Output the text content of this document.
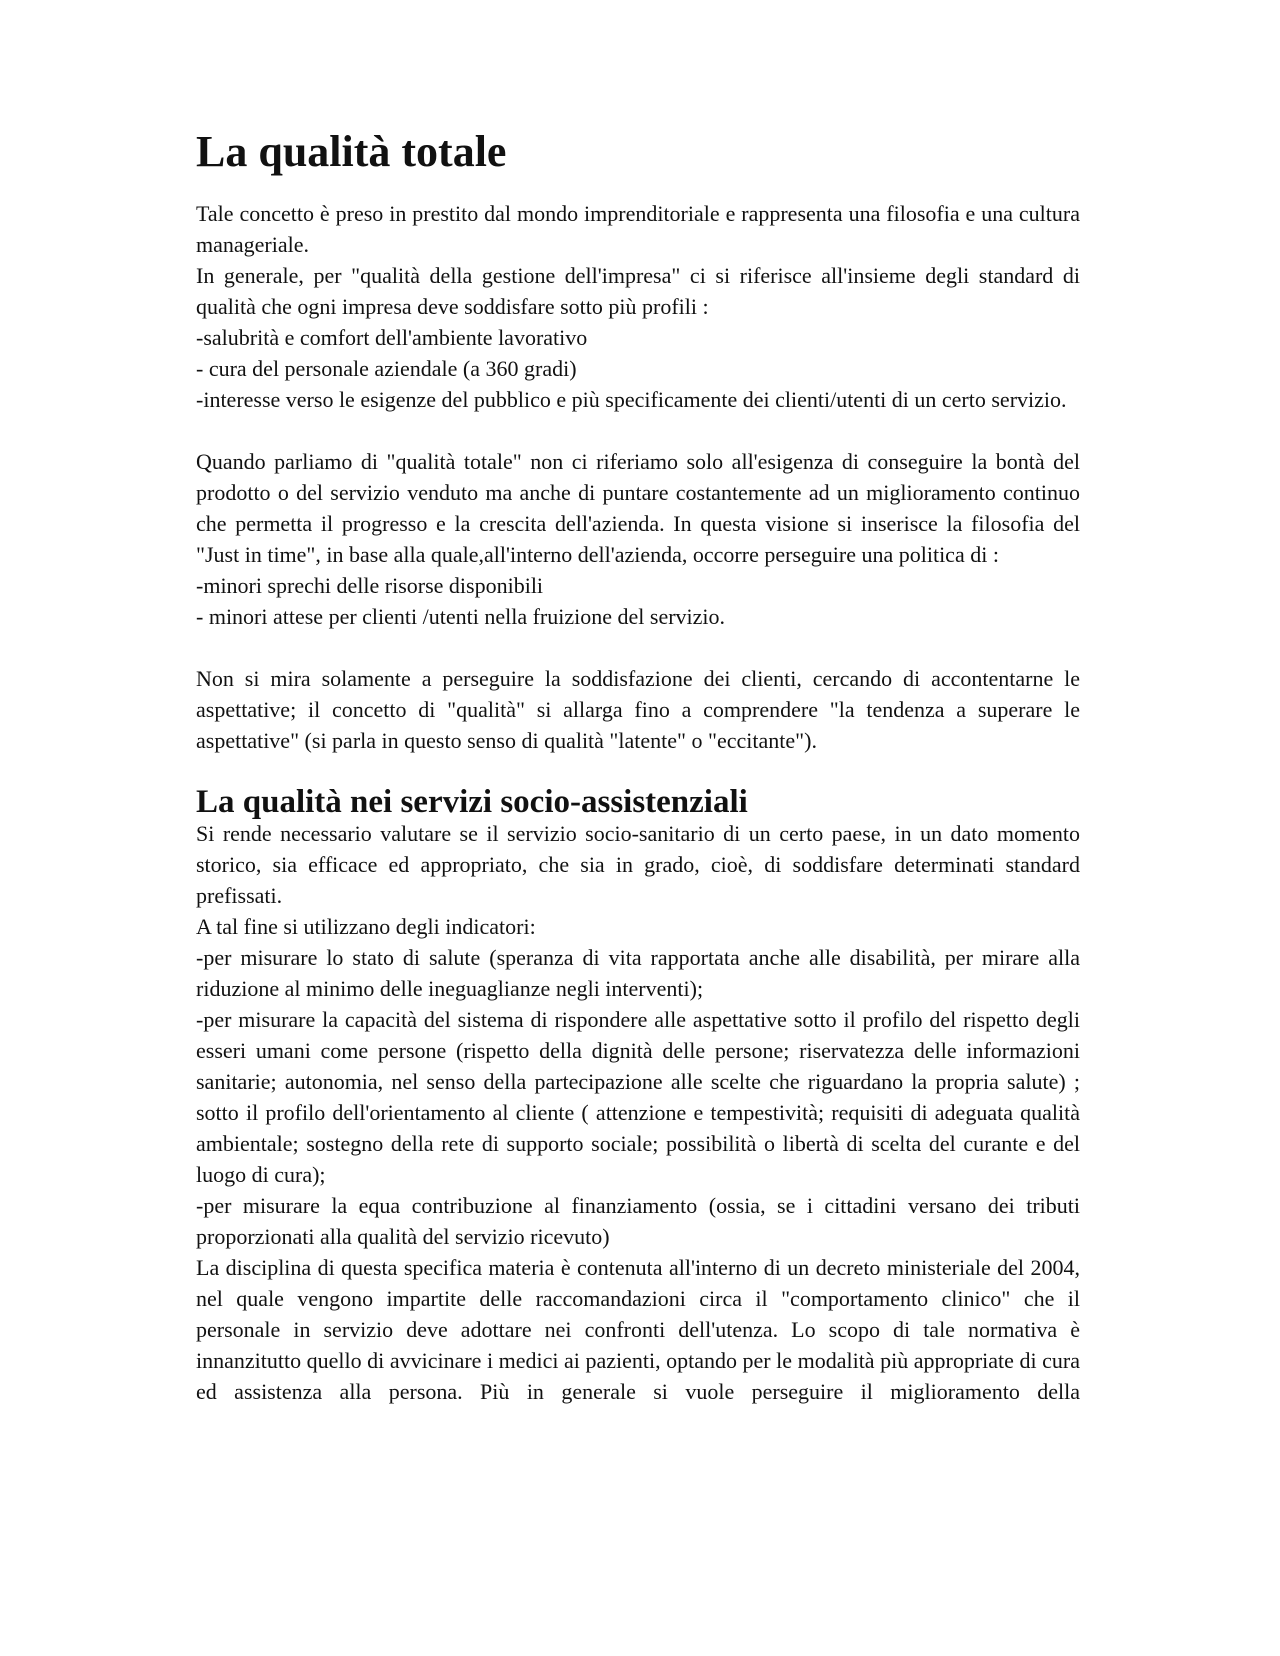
La qualità totale

Tale concetto è preso in prestito dal mondo imprenditoriale e rappresenta una filosofia e una cultura manageriale.

In generale, per "qualità della gestione dell'impresa" ci si riferisce all'insieme degli standard di qualità che ogni impresa deve soddisfare sotto più profili :

-salubrità e comfort dell'ambiente lavorativo

- cura del personale aziendale (a 360 gradi)

-interesse verso le esigenze del pubblico e più specificamente dei clienti/utenti di un certo servizio.

Quando parliamo di "qualità totale" non ci riferiamo solo all'esigenza di conseguire la bontà del prodotto o del servizio venduto ma anche di puntare costantemente ad un miglioramento continuo che permetta il progresso e la crescita dell'azienda. In questa visione si inserisce la filosofia del "Just in time", in base alla quale,all'interno dell'azienda, occorre perseguire una politica di :

-minori sprechi delle risorse disponibili

- minori attese per clienti /utenti nella fruizione del servizio.

Non si mira solamente a perseguire la soddisfazione dei clienti, cercando di accontentarne le aspettative; il concetto di "qualità" si allarga fino a comprendere "la tendenza a superare le aspettative" (si parla in questo senso di qualità "latente" o "eccitante").

La qualità nei servizi socio-assistenziali

Si rende necessario valutare se il servizio socio-sanitario di un certo paese, in un dato momento storico, sia efficace ed appropriato, che sia in grado, cioè, di soddisfare determinati standard prefissati.

A tal fine si utilizzano degli indicatori:

-per misurare lo stato di salute (speranza di vita rapportata anche alle disabilità, per mirare alla riduzione al minimo delle ineguaglianze negli interventi);

-per misurare la capacità del sistema di rispondere alle aspettative sotto il profilo del rispetto degli esseri umani come persone (rispetto della dignità delle persone; riservatezza delle informazioni sanitarie; autonomia, nel senso della partecipazione alle scelte che riguardano la propria salute) ; sotto il profilo dell'orientamento al cliente ( attenzione e tempestività; requisiti di adeguata qualità ambientale; sostegno della rete di supporto sociale; possibilità o libertà di scelta del curante e del luogo di cura);

-per misurare la equa contribuzione al finanziamento (ossia, se i cittadini versano dei tributi proporzionati alla qualità del servizio ricevuto)

La disciplina di questa specifica materia è contenuta all'interno di un decreto ministeriale del 2004, nel quale vengono impartite delle raccomandazioni circa il "comportamento clinico" che il personale in servizio deve adottare nei confronti dell'utenza. Lo scopo di tale normativa è innanzitutto quello di avvicinare i medici ai pazienti, optando per le modalità più appropriate di cura ed assistenza alla persona. Più in generale si vuole perseguire il miglioramento della
